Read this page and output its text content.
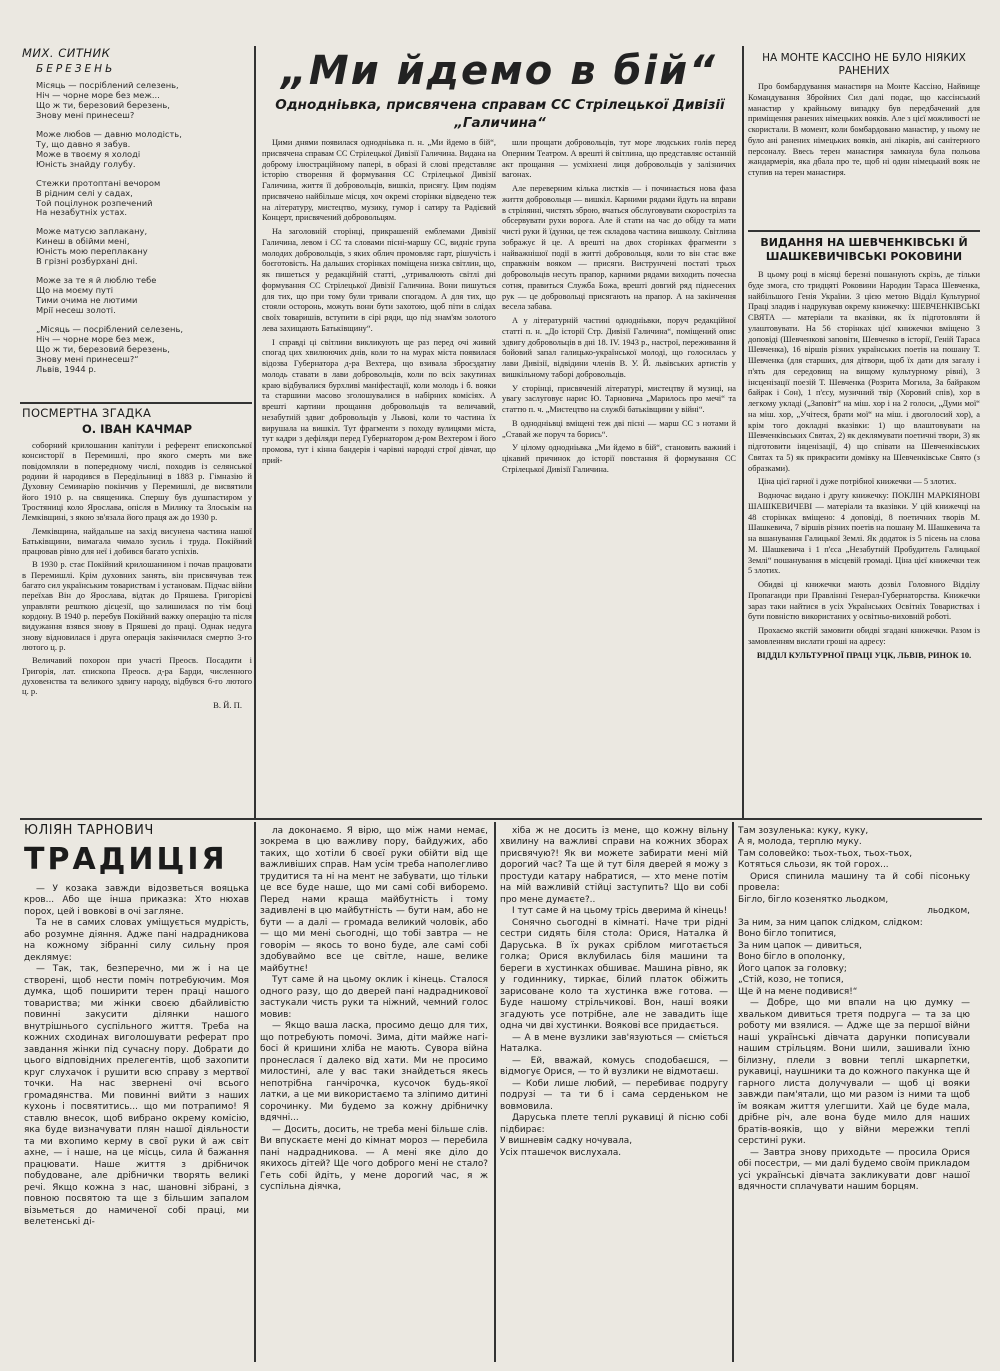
МИХ. СИТНИК
БЕРЕЗЕНЬ
Місяць — посріблений селезень,
Ніч — чорне море без меж...
Що ж ти, березовий березень,
Знову мені принесеш?
Може любов — давню молодість,
Ту, що давно я забув.
Може в твоєму я холоді
Юність знайду голубу.
Стежки протоптані вечором
В рідним селі у садах,
Той поцілунок розпечений
На незабутніх устах.
Може матусю заплакану,
Кинеш в обійми мені,
Юність мою переплакану
В грізні розбурхані дні.
Може за те я й люблю тебе
Що на моєму путі
Тими очима не лютими
Мрії несеш золоті.
„Місяць — посріблений селезень,
Ніч — чорне море без меж,
Що ж ти, березовий березень,
Знову мені принесеш?“
Львів, 1944 р.
ПОСМЕРТНА ЗГАДКА
О. ІВАН КАЧМАР

соборний крилошанин капітули і референт епископської консисторії в Перемишлі, про якого смерть ми вже повідомляли в попередному числі, походив із селянської родини й народився в Передільниці в 1883 р. Гімназію й Духовну Семинарію покінчив у Перемишлі, де висвятили його 1910 р. на священика. Спершу був душпастиром у Тростяниці коло Ярослава, опісля в Милику та Злоськім на Лемківщині, з якою зв'язала його праця аж до 1930 р.

Лемківщина, найдальше на захід висунена частина нашої Батьківщини, вимагала чимало зусиль і труда. Покійний працював рівно для неї і добився багато успіхів.

В 1930 р. стає Покійний крилошанином і почав працювати в Перемишлі. Крім духовних занять, він присвячував теж багато сил українським товариствам і установам. Підчас війни переїхав Він до Ярослава, відтак до Пряшева. Григорієві управляти решткою дієцезії, що залишилася по тім боці кордону. В 1940 р. перебув Покійний важку операцію та після видужання взявся знову в Пряшеві до праці. Однак недуга знову відновилася і друга операція закінчилася смертю 3-го лютого ц. р.

Величавий похорон при участі Преосв. Посадити і Григорія, лат. єпископа Преосв. д-ра Барди, численного духовенства та великого здвигу народу, відбувся 6-го лютого ц. р.

В. Й. П.
„Ми йдемо в бій“
Однодніьвка, присвячена справам СС Стрілецької Дивізії „Галичина“

Цими днями появилася однодніьвка п. н. „Ми йдемо в бій“, присвячена справам СС Стрілецької Дивізії Галичина. Видана на доброму ілюстраційному папері, в образі й слові представляє історію створення й формування СС Стрілецької Дивізії Галичина, життя її добровольців, вишкіл, присягу. Цим подіям присвячено найбільше місця, хоч окремі сторінки відведено теж на літературу, мистецтво, музику, гумор і сатиру та Радієвий Концерт, присвячений добровольцям.

На заголовній сторінці, прикрашеній емблемами Дивізії Галичина, левом і СС та словами пісні-маршу СС, видніє група молодих добровольців, з яких облич промовляє гарт, рішучість і боєготовість. На дальших сторінках поміщена низка світлин, що, як пишеться у редакційній статті, „утривалюють світлі дні формування СС Стрілецької Дивізії Галичина. Вони пишуться для тих, що при тому були тривали спогадом. А для тих, що стояли осторонь, можуть вони бути захотою, щоб піти в слідах своїх товаришів, вступити в сірі ряди, що під знам'ям золотого лева захищають Батьківщину“.

І справді ці світлини викликують ще раз перед очі живий спогад цих хвилюючих днів, коли то на мурах міста появилася відозва Губернатора д-ра Вехтера, що взивала зброєздатну молодь ставати в лави добровольців, коли по всіх закутинах краю відбувалися бурхливі маніфестації, коли молодь і б. вояки та старшини масово зголошувалися в набірних комісіях. А врешті картини прощання добровольців та величавий, незабутній здвиг добровольців у Львові, коли то частина їх вирушала на вишкіл. Тут фрагменти з походу вулицями міста, тут кадри з дефіляди перед Губернатором д-ром Вехтером і його промова, тут і кінна бандерія і чарівні народні строї дівчат, що прий-

шли прощати добровольців, тут море людських голів перед Оперним Театром. А врешті й світлина, що представляє останній акт прощання — усміхнені лиця добровольців у залізничих вагонах.

Але переверним кілька листків — і починається нова фаза життя добровольця — вишкіл. Карними рядами йдуть на вправи в стрілянні, чистять зброю, вчаться обслуговувати скорострілз та обсервувати рухи ворога. Але й стати на час до обіду та мати чисті руки й їдунки, це теж складова частина вишколу. Світлина зображує й це. А врешті на двох сторінках фрагменти з найважнішої події в житті добровольця, коли то він стає вже справжнім вояком — присяги. Виструнчені постаті трьох добровольців несуть прапор, карними рядами виходить почесна сотня, правиться Служба Божа, врешті довгий ряд піднесених рук — це добровольці присягають на прапор. А на закінчення весела забава.

А у літературній частині однодніьвки, поруч редакційної статті п. н. „До історії Стр. Дивізії Галичина“, поміщений опис здвигу добровольців в дні 18. IV. 1943 р., настрої, переживання й бойовий запал галицько-української молоді, що голосилась у лави Дивізії, відвідини членів В. У. Й. львівських артистів у вишкільному таборі добровольців.

У сторінці, присвяченій літературі, мистецтву й музиці, на увагу заслуговує нарис Ю. Тарновича „Марилось про мечі“ та статтю п. ч. „Мистецтво на службі батьківщини у війні“.

В однодніьвці вміщені теж дві пісні — марш СС з нотами й „Ставай же поруч та борись“.

У цілому однодніьвка „Ми йдемо в бій“, становить важний і цікавий причинок до історії повстання й формування СС Стрілецької Дивізії Галичина.

НА МОНТЕ КАССІНО НЕ БУЛО НІЯКИХ РАНЕНИХ

Про бомбардування манастиря на Монте Кассіно, Найвище Командування Збройних Сил далі подає, що кассінський манастир у крайньому випадку був передбачений для приміщення ранених німецьких вояків. Але з цієї можливості не скористали. В момент, коли бомбардовано манастир, у ньому не було ані ранених німецьких вояків, ані лікарів, ані санітерного персоналу. Ввесь терен манастиря замкнула була польова жандармерія, яка дбала про те, щоб ні один німецький вояк не ступив на терен манастиря.

ВИДАННЯ НА ШЕВЧЕНКІВСЬКІ Й ШАШКЕВИЧІВСЬКІ РОКОВИНИ

В цьому році в місяці березні пошанують скрізь, де тільки буде змога, сто тридцяті Роковини Народин Тараса Шевченка, найбільшого Генія України. З цією метою Відділ Культурної Праці зладив і надрукував окрему книжечку: ШЕВЧЕНКІВСЬКІ СВЯТА — матеріали та вказівки, як їх підготовляти й улаштовувати. На 56 сторінках цієї книжечки вміщено 3 доповіді (Шевченкові заповіти, Шевченко в історії, Геній Тараса Шевченка), 16 віршів різних українських поетів на пошану Т. Шевченка (для старших, для дітвори, щоб їх дати для загалу і п'ять для середовищ на вищому культурному рівні), 3 інсценізації поезій Т. Шевченка (Розрита Могила, За байраком байрак і Сон), 1 п'єсу, музичний твір (Хоровий спів), хор в легкому укладі („Заповіт“ на міш. хор і на 2 голоси, „Думи мої“ на міш. хор, „Учітеся, брати мої“ на міш. і двоголосий хор), а крім того докладні вказівки: 1) що влаштовувати на Шевченківських Святах, 2) як деклямувати поетичні твори, 3) як підготовити інценізації, 4) що співати на Шевченківських Святах та 5) як прикрасити домівку на Шевченківське Свято (з образками).

Ціна цієї гарної і дуже потрібної книжечки — 5 злотих.

Водночас видано і другу книжечку: ПОКЛІН МАРКІЯНОВІ ШАШКЕВИЧЕВІ — матеріали та вказівки. У цій книжечці на 48 сторінках вміщено: 4 доповіді, 8 поетичних творів М. Шашкевича, 7 віршів різних поетів на пошану М. Шашкевича та на вшанування Галицької Землі. Як додаток із 5 пісень на слова М. Шашкевича і 1 п'єса „Незабутній Пробудитель Галицької Землі“ пошанування в місцевій громаді. Ціна цієї книжечки теж 5 злотих.

Обидві ці книжечки мають дозвіл Головного Відділу Пропаганди при Правлінні Генерал-Губернаторства. Книжечки зараз таки найтися в усіх Українських Освітніх Товариствах і бути повністю використаних у освітньо-виховній роботі.

Прохаємо якстій замовити обидві згадані книжечки. Разом із замовленням вислати гроші на адресу:

ВІДДІЛ КУЛЬТУРНОЇ ПРАЦІ УЦК, ЛЬВІВ, РИНОК 10.

ЮЛІЯН ТАРНОВИЧ
ТРАДИЦІЯ

— У козака завжди відозветься вояцька кров... Або ще інша приказка: Хто нюхав порох, цей і вовкові в очі загляне.

Та не в самих словах уміщується мудрість, або розумне діяння. Адже пані надрадникова на кожному зібранні силу сильну проя деклямує:

— Так, так, безперечно, ми ж і на це створені, щоб нести поміч потребуючим. Моя думка, щоб поширити терен праці нашого товариства; ми жінки своєю дбайливістю повинні закусити ділянки нашого внутрішнього суспільного життя. Треба на кожних сходинах виголошувати реферат про завдання жінки під сучасну пору. Добрати до цього відповідних прелегентів, щоб захопити круг слухачок і рушити всю справу з мертвої точки. На нас звернені очі всього громадянства. Ми повинні вийти з наших кухонь і посвятитись... що ми потрапимо! Я ставлю внесок, щоб вибрано окрему комісію, яка буде визначувати плян нашої діяльности та ми вхопимо керму в свої руки й аж світ ахне, — і наше, на це місць, сила й бажання працювати. Наше життя з дрібничок побудоване, але дрібнички творять великі речі. Якщо кожна з нас, шановні зібрані, з повною посвятою та ще з більшим запалом візьметься до намиченої собі праці, ми велетенські ді-

ла доконаємо. Я вірю, що між нами немає, зокрема в цю важливу пору, байдужих, або таких, що хотіли б своєї руки обійти від ще важливіших справ. Нам усім треба наполегливо трудитися та ні на мент не забувати, що тільки це все буде наше, що ми самі собі виборемо. Перед нами краща майбутність і тому задивлені в цю майбутність — бути нам, або не бути — а далі — громада великий чоловік, або — що ми мені сьогодні, що тобі завтра — не говорім — якось то воно буде, але самі собі здобуваймо все це світле, наше, велике майбутнє!

Тут саме й на цьому оклик і кінець. Сталося одного разу, що до дверей пані надрадникової застукали чисть руки та ніжний, чемний голос мовив:

— Якщо ваша ласка, просимо дещо для тих, що потребують помочі. Зима, діти майже нагі-босі й кришини хліба не мають. Сувора війна пронеслася ї далеко від хати. Ми не просимо милостині, але у вас таки знайдеться якесь непотрібна ганчірочка, кусочок будь-якої латки, а це ми використаємо та зліпимо дитині сорочинку. Ми будемо за кожну дрібничку вдячні...

— Досить, досить, не треба мені більше слів. Ви впускаєте мені до кімнат мороз — перебила пані надрадникова. — А мені яке діло до якихось дітей? Ще чого доброго мені не стало? Геть собі йдіть, у мене дорогий час, я ж суспільна діячка,

хіба ж не досить із мене, що кожну вільну хвилину на важливі справи на кожних зборах присвячую?! Як ви можете забирати мені мій дорогий час? Та ще й тут біля дверей я можу з простуди катару набратися, — хто мене потім на мій важливій стійці заступить? Що ви собі про мене думаєте?..

І тут саме й на цьому трісь дверима й кінець!

Сонячно сьогодні в кімнаті. Наче три рідні сестри сидять біля стола: Орися, Наталка й Даруська. В їх руках сріблом миготається голка; Орися вклубилась біля машини та береги в хустинках обшиває. Машина рівно, як у годиннику, тиркає, білий платок обіжить зарисоване коло та хустинка вже готова. — Буде нашому стрільчикові. Вон, наші вояки згадують усе потрібне, але не завадить іще одна чи дві хустинки. Воякові все придається.

— А в мене вузлики зав'язуються — сміється Наталка.

— Ей, вважай, комусь сподобаєшся, — відмогує Орися, — то й вузлики не відмотаєш.

— Коби лише любий, — перебиває подругу подрузі — та ти б і сама серденьком не вовмовила.

Даруська плете теплі рукавиці й пісню собі підбирає:

У вишневім садку ночувала,

Усіх пташечок вислухала.

Там зозуленька: куку, куку,

А я, молода, терплю муку.

Там соловейко: тьох-тьох, тьох-тьох,

Котяться сльози, як той горох...

Орися спинила машину та й собі пісоньку провела:

Бігло, бігло козенятко льодком,

льодком,

За ним, за ним цапок слідком, слідком:

Воно бігло топитися,

За ним цапок — дивиться,

Воно бігло в ополонку,

Його цапок за головку;

„Стій, козо, не топися,

Ще й на мене подивися!“

— Добре, що ми впали на цю думку — хвальком дивиться третя подруга — та за цю роботу ми взялися. — Адже ще за першої війни наші українські дівчата дарунки пописували нашим стрільцям. Вони шили, зашивали їхню білизну, плели з вовни теплі шкарпетки, рукавиці, наушники та до кожного пакунка ще й гарного листа долучували — щоб ці вояки завжди пам'ятали, що ми разом із ними та щоб їм воякам життя улегшити. Хай це буде мала, дрібне річ, але вона буде мило для наших братів-вояків, що у війни мережки теплі серстині руки.

— Завтра знову приходьте — просила Орися обі посестри, — ми далі будемо своїм прикладом усі українські дівчата закликувати довг нашої вдячности сплачувати нашим борцям.
